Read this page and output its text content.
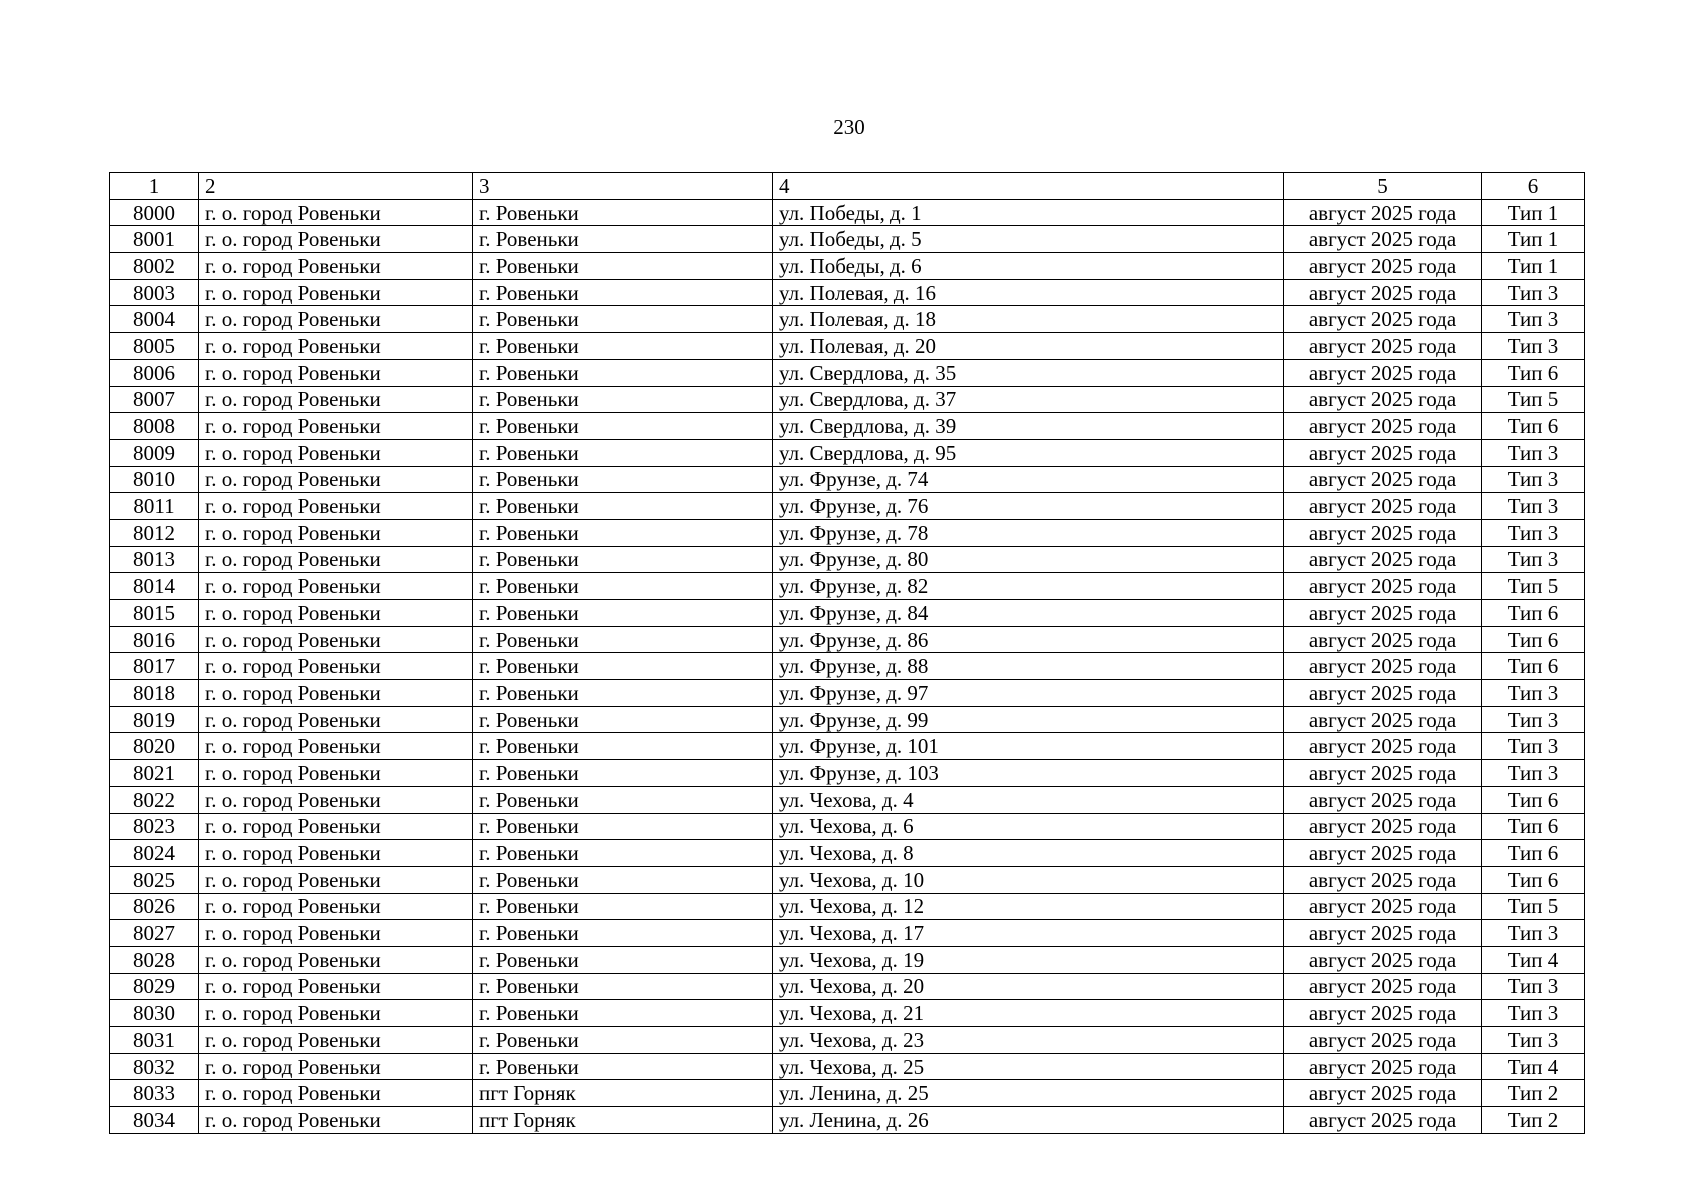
230
1	2	3	4	5	6
8000	г. о. город Ровеньки	г. Ровеньки	ул. Победы, д. 1	август 2025 года	Тип 1
8001	г. о. город Ровеньки	г. Ровеньки	ул. Победы, д. 5	август 2025 года	Тип 1
8002	г. о. город Ровеньки	г. Ровеньки	ул. Победы, д. 6	август 2025 года	Тип 1
8003	г. о. город Ровеньки	г. Ровеньки	ул. Полевая, д. 16	август 2025 года	Тип 3
8004	г. о. город Ровеньки	г. Ровеньки	ул. Полевая, д. 18	август 2025 года	Тип 3
8005	г. о. город Ровеньки	г. Ровеньки	ул. Полевая, д. 20	август 2025 года	Тип 3
8006	г. о. город Ровеньки	г. Ровеньки	ул. Свердлова, д. 35	август 2025 года	Тип 6
8007	г. о. город Ровеньки	г. Ровеньки	ул. Свердлова, д. 37	август 2025 года	Тип 5
8008	г. о. город Ровеньки	г. Ровеньки	ул. Свердлова, д. 39	август 2025 года	Тип 6
8009	г. о. город Ровеньки	г. Ровеньки	ул. Свердлова, д. 95	август 2025 года	Тип 3
8010	г. о. город Ровеньки	г. Ровеньки	ул. Фрунзе, д. 74	август 2025 года	Тип 3
8011	г. о. город Ровеньки	г. Ровеньки	ул. Фрунзе, д. 76	август 2025 года	Тип 3
8012	г. о. город Ровеньки	г. Ровеньки	ул. Фрунзе, д. 78	август 2025 года	Тип 3
8013	г. о. город Ровеньки	г. Ровеньки	ул. Фрунзе, д. 80	август 2025 года	Тип 3
8014	г. о. город Ровеньки	г. Ровеньки	ул. Фрунзе, д. 82	август 2025 года	Тип 5
8015	г. о. город Ровеньки	г. Ровеньки	ул. Фрунзе, д. 84	август 2025 года	Тип 6
8016	г. о. город Ровеньки	г. Ровеньки	ул. Фрунзе, д. 86	август 2025 года	Тип 6
8017	г. о. город Ровеньки	г. Ровеньки	ул. Фрунзе, д. 88	август 2025 года	Тип 6
8018	г. о. город Ровеньки	г. Ровеньки	ул. Фрунзе, д. 97	август 2025 года	Тип 3
8019	г. о. город Ровеньки	г. Ровеньки	ул. Фрунзе, д. 99	август 2025 года	Тип 3
8020	г. о. город Ровеньки	г. Ровеньки	ул. Фрунзе, д. 101	август 2025 года	Тип 3
8021	г. о. город Ровеньки	г. Ровеньки	ул. Фрунзе, д. 103	август 2025 года	Тип 3
8022	г. о. город Ровеньки	г. Ровеньки	ул. Чехова, д. 4	август 2025 года	Тип 6
8023	г. о. город Ровеньки	г. Ровеньки	ул. Чехова, д. 6	август 2025 года	Тип 6
8024	г. о. город Ровеньки	г. Ровеньки	ул. Чехова, д. 8	август 2025 года	Тип 6
8025	г. о. город Ровеньки	г. Ровеньки	ул. Чехова, д. 10	август 2025 года	Тип 6
8026	г. о. город Ровеньки	г. Ровеньки	ул. Чехова, д. 12	август 2025 года	Тип 5
8027	г. о. город Ровеньки	г. Ровеньки	ул. Чехова, д. 17	август 2025 года	Тип 3
8028	г. о. город Ровеньки	г. Ровеньки	ул. Чехова, д. 19	август 2025 года	Тип 4
8029	г. о. город Ровеньки	г. Ровеньки	ул. Чехова, д. 20	август 2025 года	Тип 3
8030	г. о. город Ровеньки	г. Ровеньки	ул. Чехова, д. 21	август 2025 года	Тип 3
8031	г. о. город Ровеньки	г. Ровеньки	ул. Чехова, д. 23	август 2025 года	Тип 3
8032	г. о. город Ровеньки	г. Ровеньки	ул. Чехова, д. 25	август 2025 года	Тип 4
8033	г. о. город Ровеньки	пгт Горняк	ул. Ленина, д. 25	август 2025 года	Тип 2
8034	г. о. город Ровеньки	пгт Горняк	ул. Ленина, д. 26	август 2025 года	Тип 2
